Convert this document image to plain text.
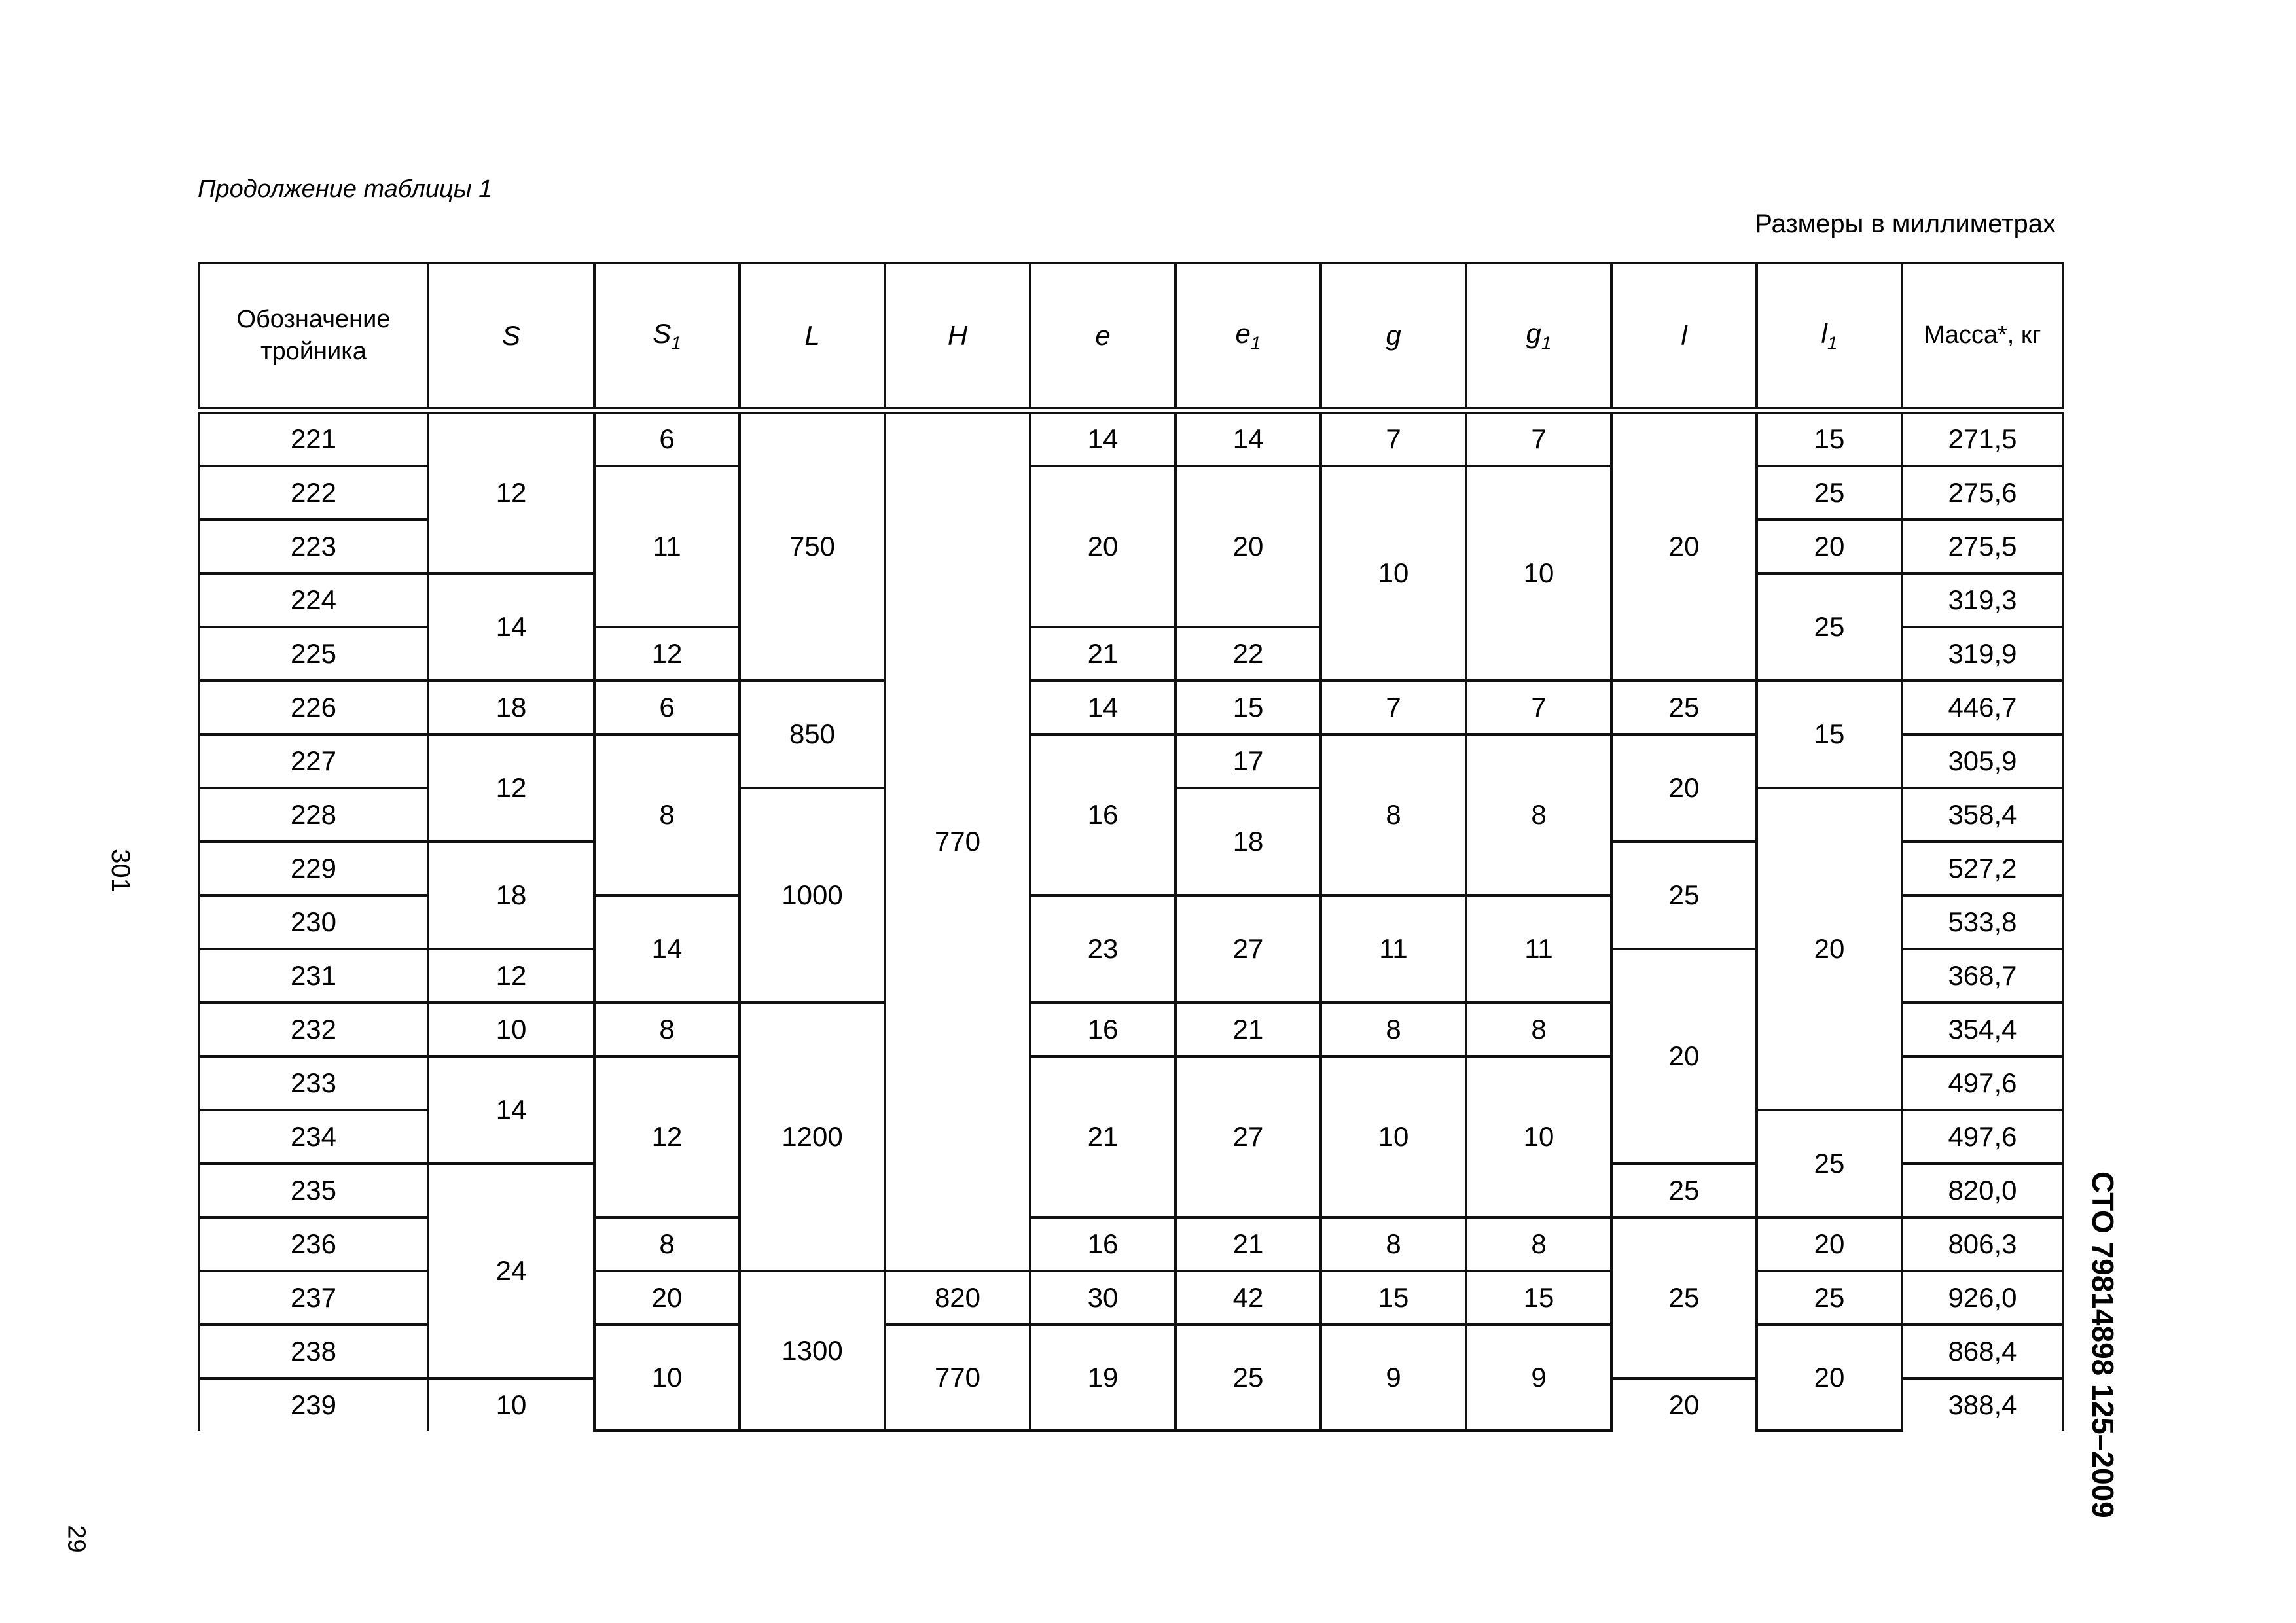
Продолжение таблицы 1
Размеры в миллиметрах
301
29
СТО 79814898 125–2009
Обозначение тройника	S	$S_1$	L	H	e	$e_1$	g	$g_1$	l	$l_1$	Масса*, кг
221	12	6	750	770	14	14	7	7	20	15	271,5
222		11			20	20	10	10		25	275,6
223										20	275,5
224	14									25	319,3
225		12			21	22					319,9
226	18	6	850		14	15	7	7	25	15	446,7
227	12	8			16	17	8	8	20		305,9
228			1000			18				20	358,4
229	18								25		527,2
230		14			23	27	11	11			533,8
231	12								20		368,7
232	10	8	1200		16	21	8	8			354,4
233	14	12			21	27	10	10			497,6
234										25	497,6
235	24								25		820,0
236		8			16	21	8	8	25	20	806,3
237		20	1300	820	30	42	15	15		25	926,0
238		10		770	19	25	9	9		20	868,4
239	10								20		388,4
